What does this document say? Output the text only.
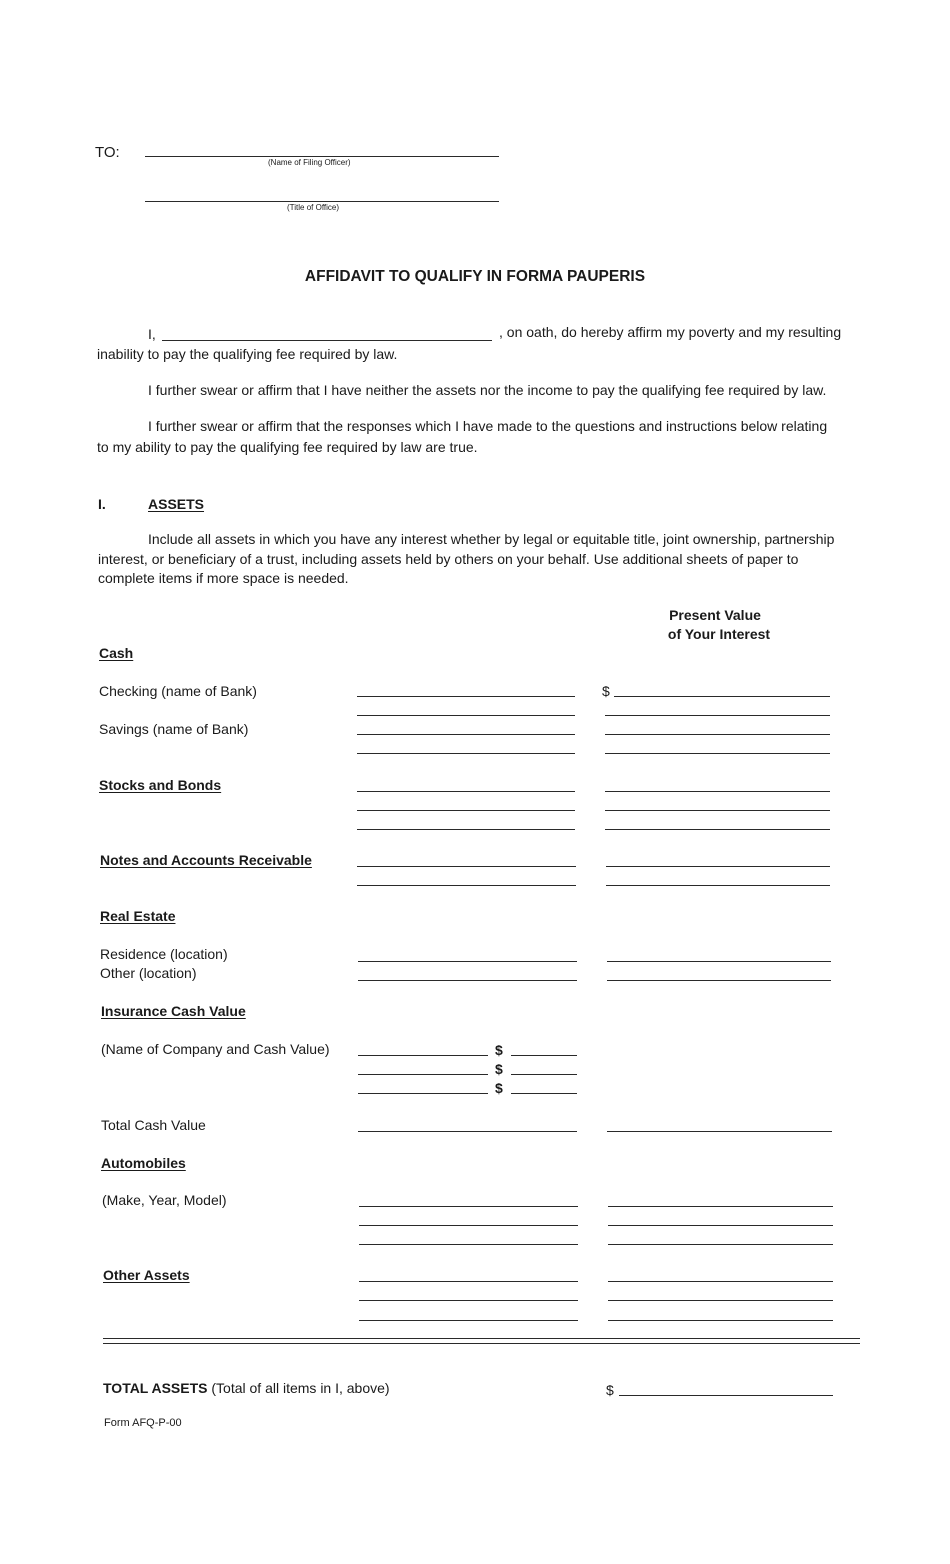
TO:
(Name of Filing Officer)
(Title of Office)
AFFIDAVIT TO QUALIFY IN FORMA PAUPERIS
I,	, on oath, do hereby affirm my poverty and my resulting
inability to pay the qualifying fee required by law.
I further swear or affirm that I have neither the assets nor the income to pay the qualifying fee required by law.
I further swear or affirm that the responses which I have made to the questions and instructions below relating
to my ability to pay the qualifying fee required by law are true.
I.	ASSETS
Include all assets in which you have any interest whether by legal or equitable title, joint ownership, partnership
interest, or beneficiary of a trust, including assets held by others on your behalf. Use additional sheets of paper to
complete items if more space is needed.
Present Value
of Your Interest
Cash
Checking (name of Bank)	$
Savings (name of Bank)
Stocks and Bonds
Notes and Accounts Receivable
Real Estate
Residence (location)
Other (location)
Insurance Cash Value
(Name of Company and Cash Value)	$
$
$
Total Cash Value
Automobiles
(Make, Year, Model)
Other Assets
TOTAL ASSETS (Total of all items in I, above)	$
Form AFQ-P-00
